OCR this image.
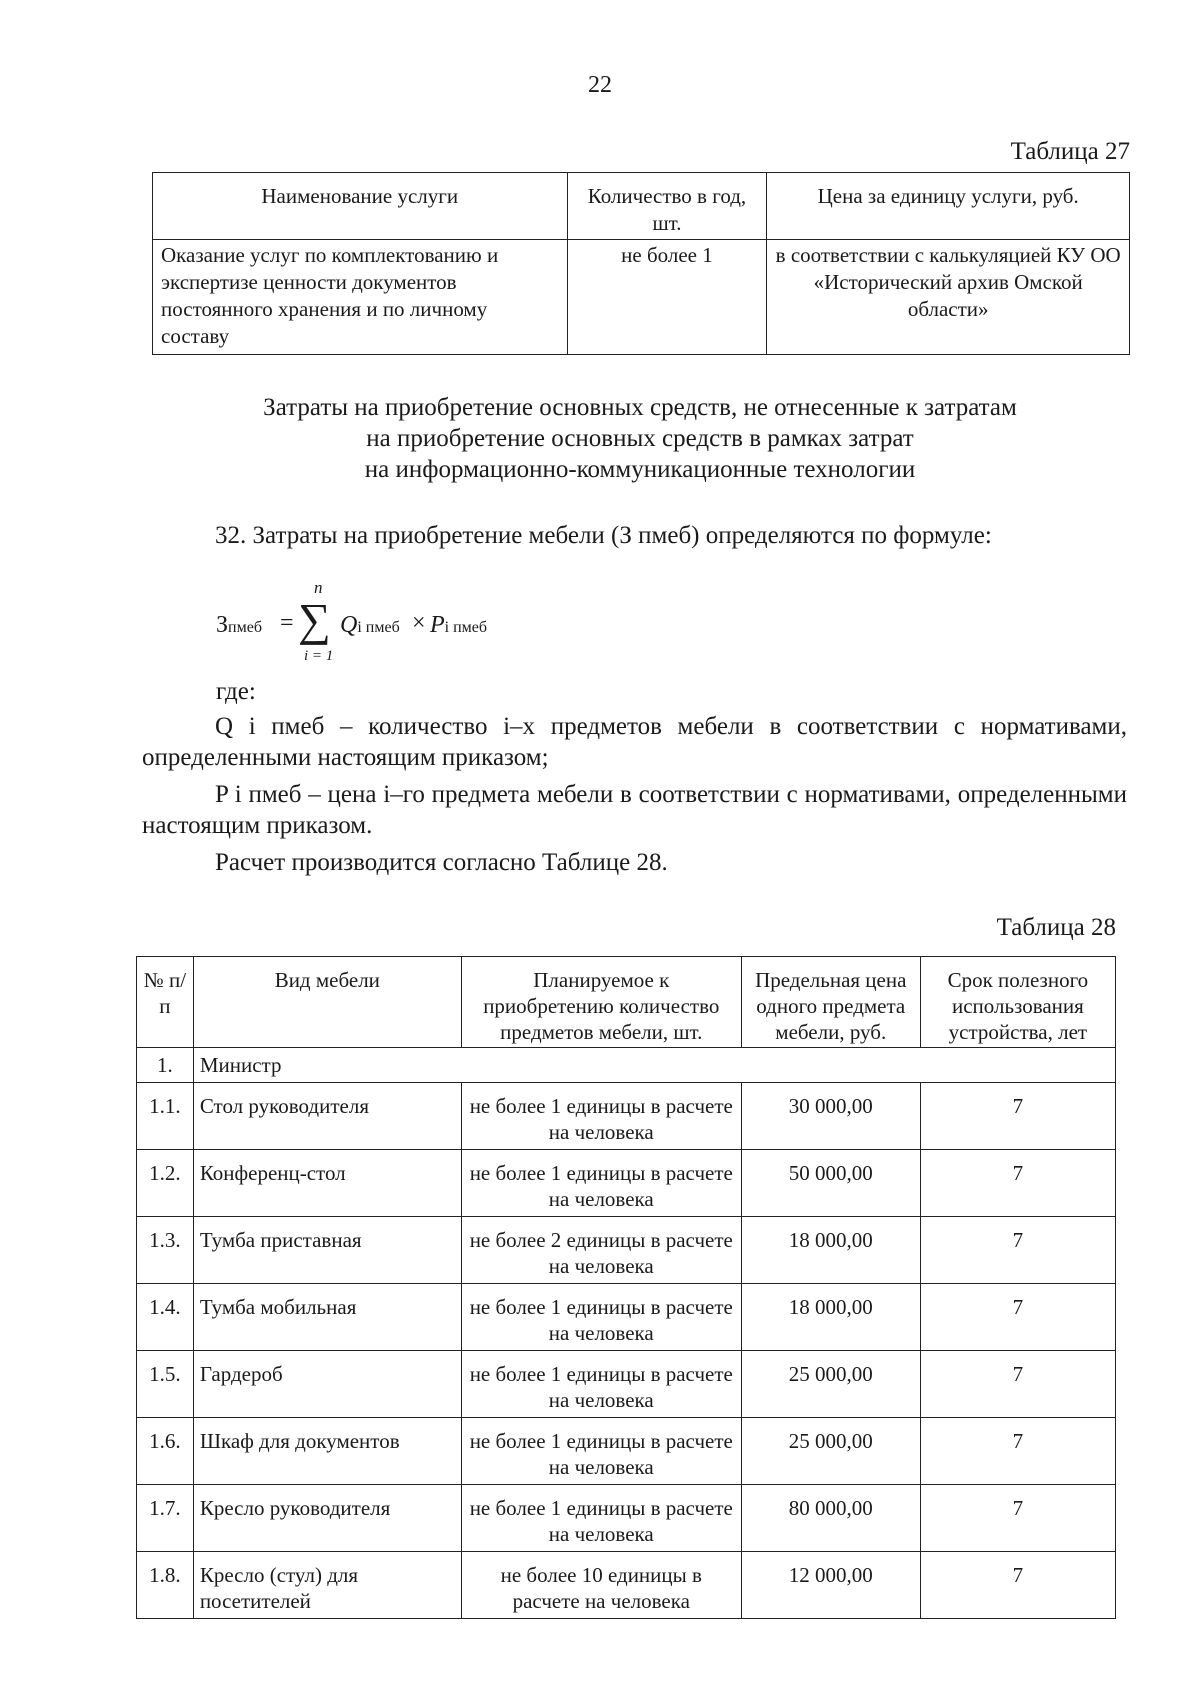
22
Таблица 27
Наименование услуги	Количество в год, шт.	Цена за единицу услуги, руб.
Оказание услуг по комплектованию и экспертизе ценности документов постоянного хранения и по личному составу	не более 1	в соответствии с калькуляцией КУ ОО «Исторический архив Омской области»
Затраты на приобретение основных средств, не отнесенные к затратам
на приобретение основных средств в рамках затрат
на информационно-коммуникационные технологии
32. Затраты на приобретение мебели (З пмеб) определяются по формуле:
Зпмеб =
n
∑
i = 1
Qi пмеб × Pi пмеб
где:
Q i пмеб – количество i–х предметов мебели в соответствии с нормативами, определенными настоящим приказом;
P i пмеб – цена i–го предмета мебели в соответствии с нормативами, определенными настоящим приказом.
Расчет производится согласно Таблице 28.
Таблица 28
№ п/п	Вид мебели	Планируемое к приобретению количество предметов мебели, шт.	Предельная цена одного предмета мебели, руб.	Срок полезного использования устройства, лет
1.	Министр			
1.1.	Стол руководителя	не более 1 единицы в расчете на человека	30 000,00	7
1.2.	Конференц-стол	не более 1 единицы в расчете на человека	50 000,00	7
1.3.	Тумба приставная	не более 2 единицы в расчете на человека	18 000,00	7
1.4.	Тумба мобильная	не более 1 единицы в расчете на человека	18 000,00	7
1.5.	Гардероб	не более 1 единицы в расчете на человека	25 000,00	7
1.6.	Шкаф для документов	не более 1 единицы в расчете на человека	25 000,00	7
1.7.	Кресло руководителя	не более 1 единицы в расчете на человека	80 000,00	7
1.8.	Кресло (стул) для посетителей	не более 10 единицы в расчете на человека	12 000,00	7
